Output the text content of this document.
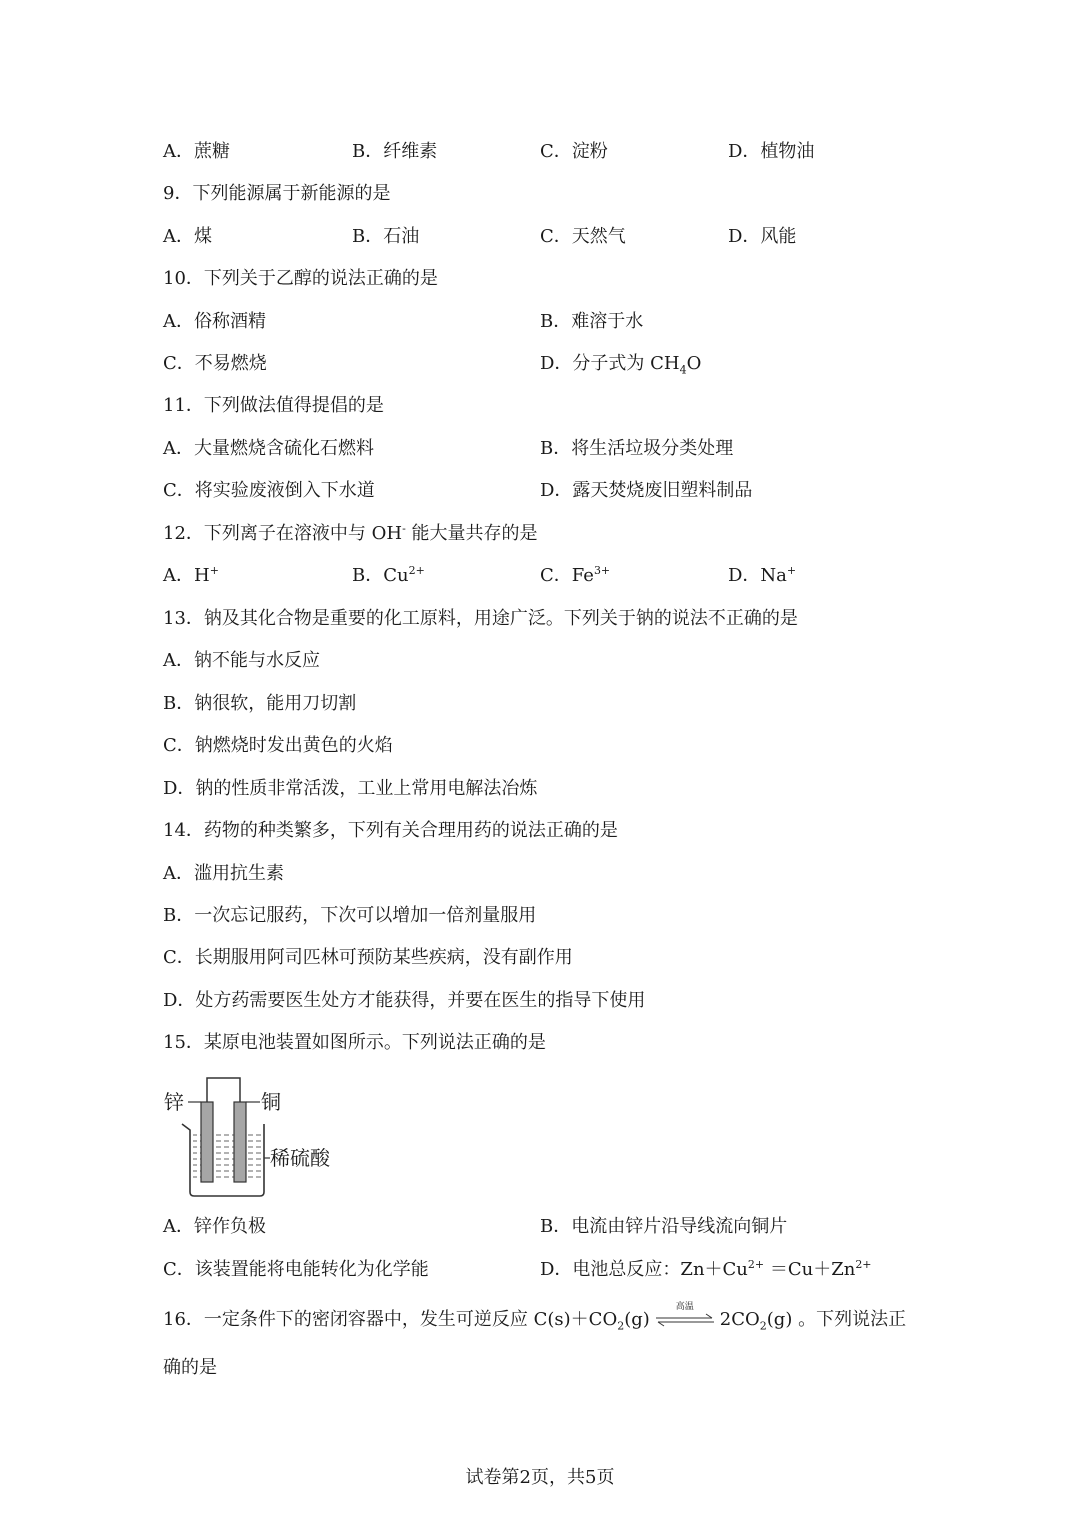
A．蔗糖	B．纤维素	C．淀粉	D．植物油
9．下列能源属于新能源的是
A．煤	B．石油	C．天然气	D．风能
10．下列关于乙醇的说法正确的是
A．俗称酒精	B．难溶于水
C．不易燃烧	D．分子式为 $CH_4O$
11．下列做法值得提倡的是
A．大量燃烧含硫化石燃料	B．将生活垃圾分类处理
C．将实验废液倒入下水道	D．露天焚烧废旧塑料制品
12．下列离子在溶液中与 OH- 能大量共存的是
A．H+	B．$Cu^{2+}$	C．$Fe^{3+}$	D．Na+
13．钠及其化合物是重要的化工原料，用途广泛。下列关于钠的说法不正确的是
A．钠不能与水反应
B．钠很软，能用刀切割
C．钠燃烧时发出黄色的火焰
D．钠的性质非常活泼，工业上常用电解法冶炼
14．药物的种类繁多，下列有关合理用药的说法正确的是
A．滥用抗生素
B．一次忘记服药，下次可以增加一倍剂量服用
C．长期服用阿司匹林可预防某些疾病，没有副作用
D．处方药需要医生处方才能获得，并要在医生的指导下使用
15．某原电池装置如图所示。下列说法正确的是
锌	铜
稀硫酸
A．锌作负极	B．电流由锌片沿导线流向铜片
C．该装置能将电能转化为化学能	D．电池总反应：$Zn+Cu^{2+} =Cu+Zn^{2+}$
16．一定条件下的密闭容器中，发生可逆反应 $C(s)+CO_2(g)$
高温
$2CO_2(g)$ 。下列说法正
确的是
试卷第2页，共5页
